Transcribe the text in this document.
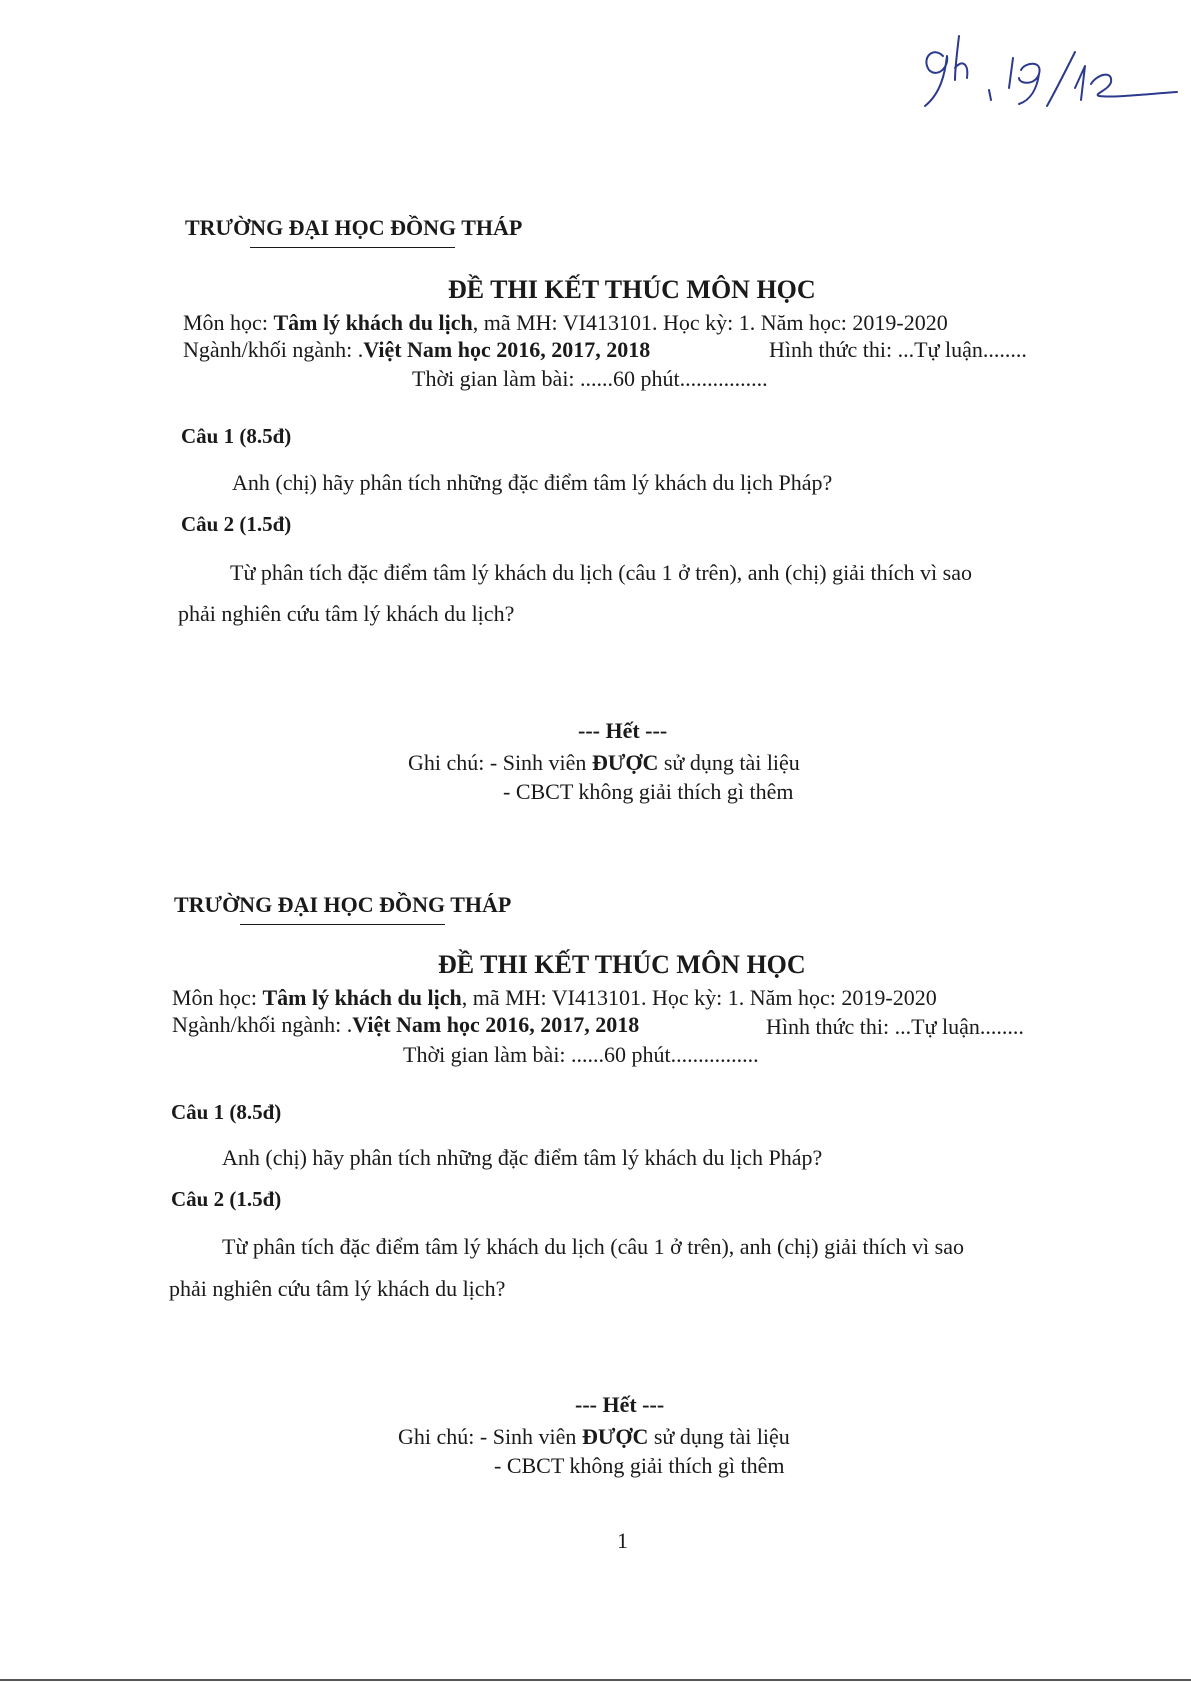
TRƯỜNG ĐẠI HỌC ĐỒNG THÁP
ĐỀ THI KẾT THÚC MÔN HỌC
Môn học: Tâm lý khách du lịch, mã MH: VI413101. Học kỳ: 1. Năm học: 2019-2020
Ngành/khối ngành: .Việt Nam học 2016, 2017, 2018	Hình thức thi: ...Tự luận........
Thời gian làm bài: ......60 phút................
Câu 1 (8.5đ)
Anh (chị) hãy phân tích những đặc điểm tâm lý khách du lịch Pháp?
Câu 2 (1.5đ)
Từ phân tích đặc điểm tâm lý khách du lịch (câu 1 ở trên), anh (chị) giải thích vì sao
phải nghiên cứu tâm lý khách du lịch?
--- Hết ---
Ghi chú: - Sinh viên ĐƯỢC sử dụng tài liệu
- CBCT không giải thích gì thêm
TRƯỜNG ĐẠI HỌC ĐỒNG THÁP
ĐỀ THI KẾT THÚC MÔN HỌC
Môn học: Tâm lý khách du lịch, mã MH: VI413101. Học kỳ: 1. Năm học: 2019-2020
Ngành/khối ngành: .Việt Nam học 2016, 2017, 2018	Hình thức thi: ...Tự luận........
Thời gian làm bài: ......60 phút................
Câu 1 (8.5đ)
Anh (chị) hãy phân tích những đặc điểm tâm lý khách du lịch Pháp?
Câu 2 (1.5đ)
Từ phân tích đặc điểm tâm lý khách du lịch (câu 1 ở trên), anh (chị) giải thích vì sao
phải nghiên cứu tâm lý khách du lịch?
--- Hết ---
Ghi chú: - Sinh viên ĐƯỢC sử dụng tài liệu
- CBCT không giải thích gì thêm
1
